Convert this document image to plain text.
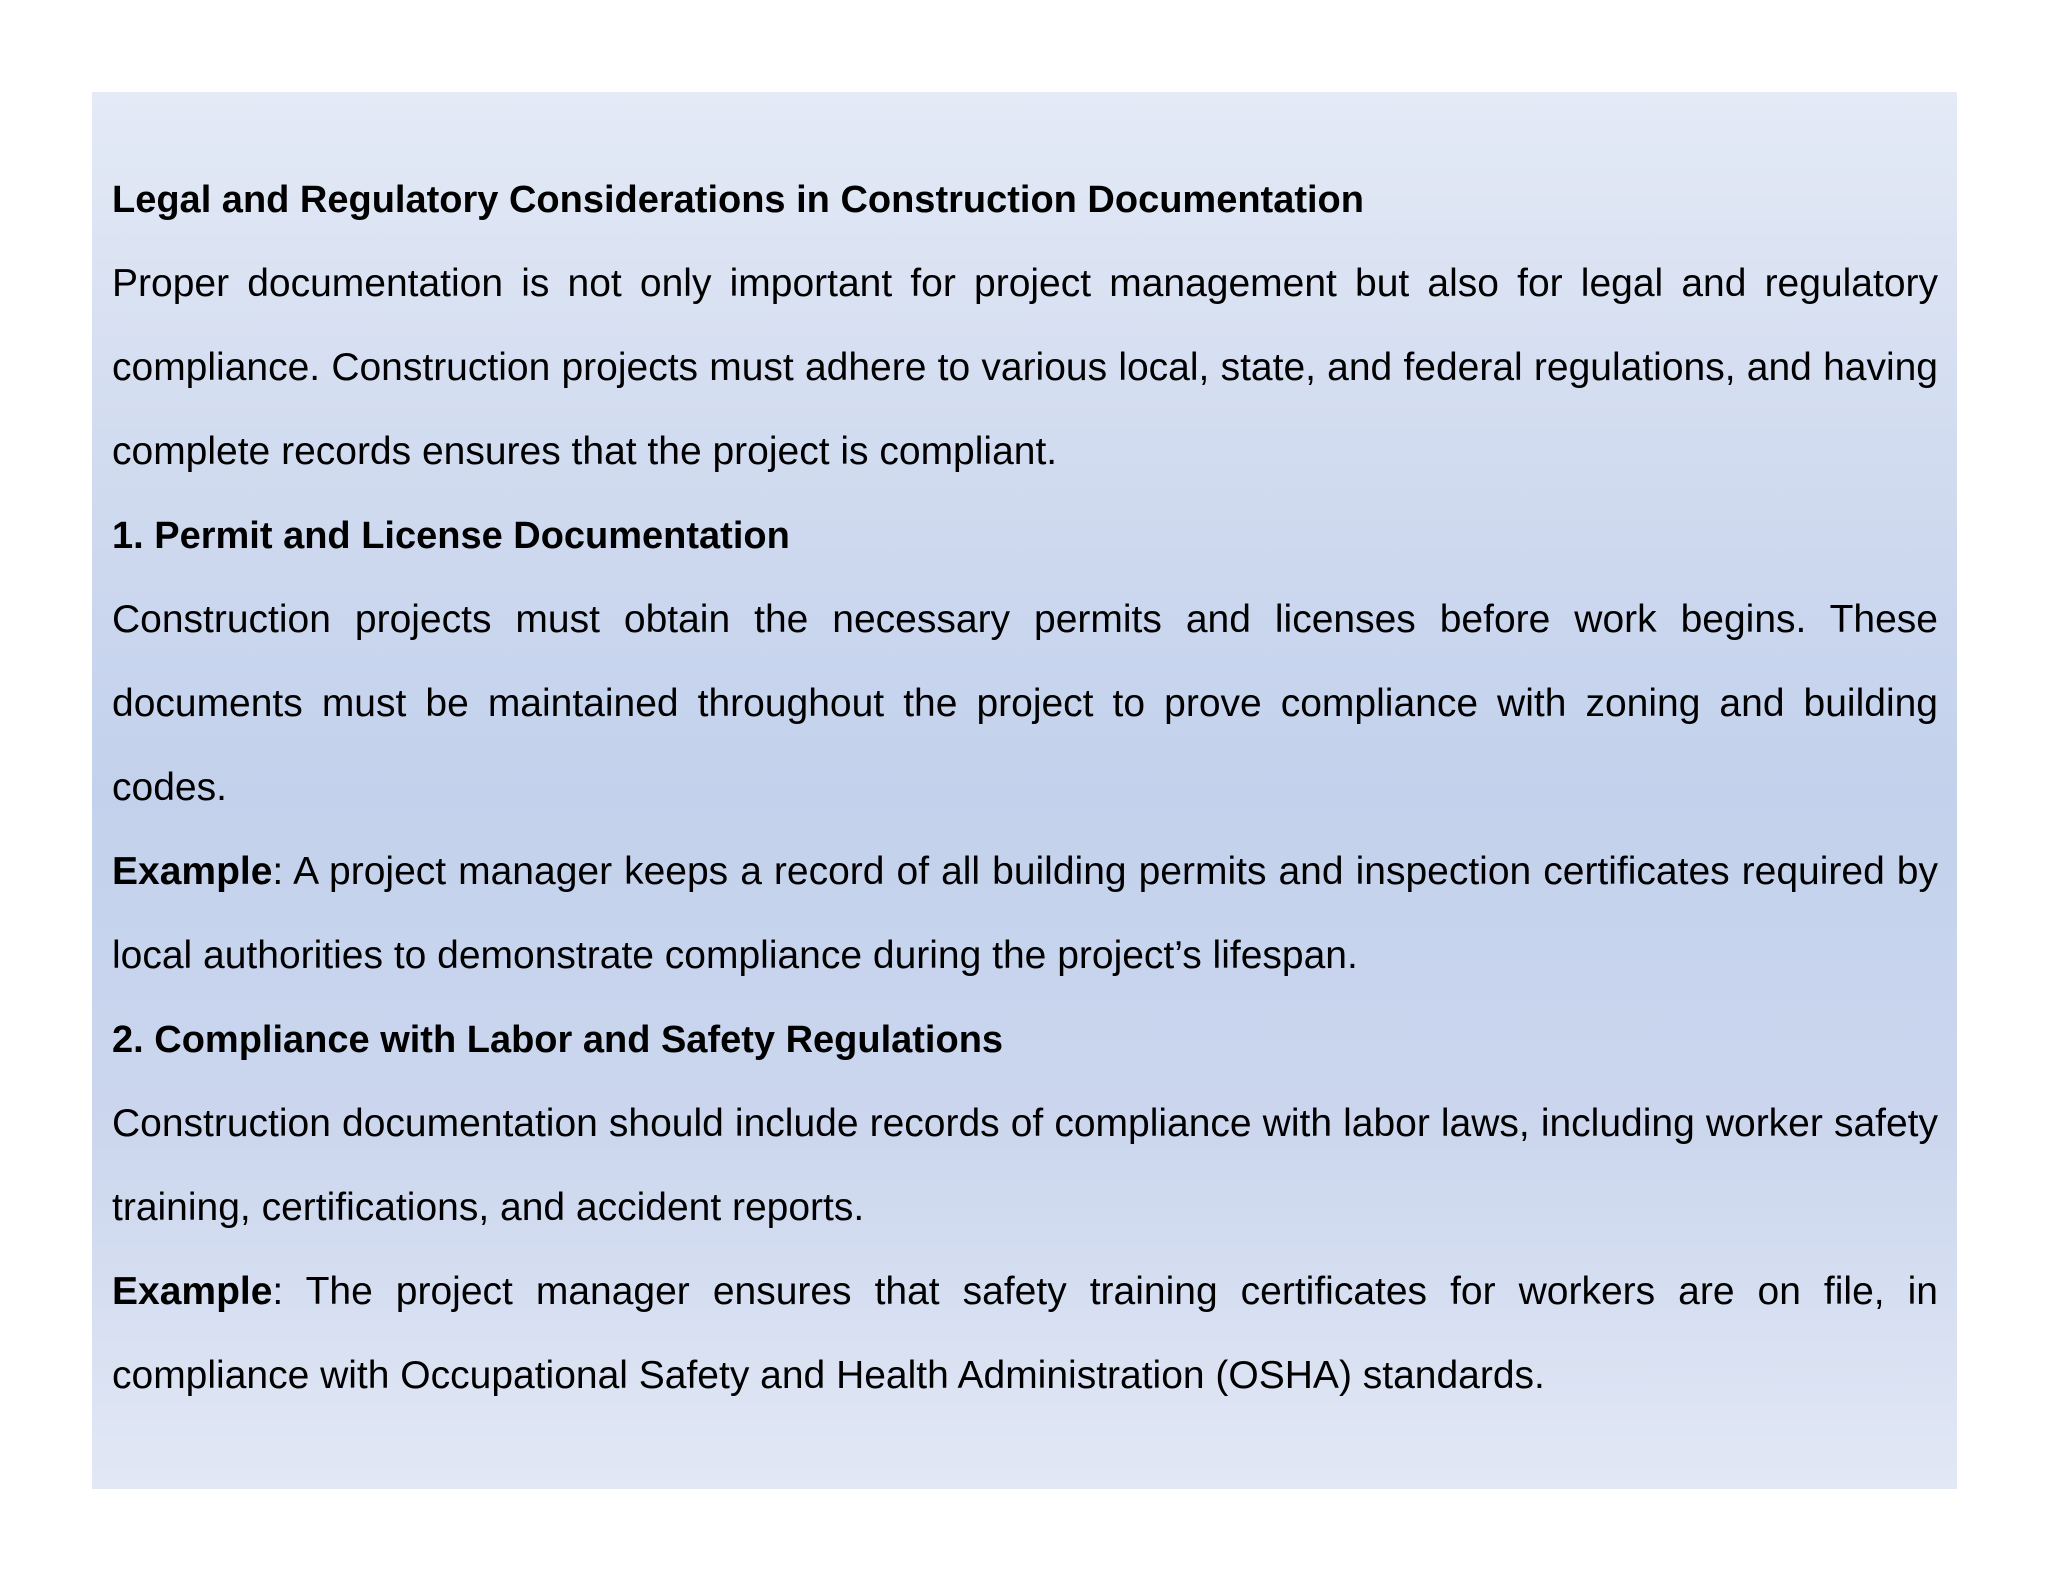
Legal and Regulatory Considerations in Construction Documentation

Proper documentation is not only important for project management but also for legal and regulatory compliance. Construction projects must adhere to various local, state, and federal regulations, and having complete records ensures that the project is compliant.

1. Permit and License Documentation

Construction projects must obtain the necessary permits and licenses before work begins. These documents must be maintained throughout the project to prove compliance with zoning and building codes.

Example: A project manager keeps a record of all building permits and inspection certificates required by local authorities to demonstrate compliance during the project’s lifespan.

2. Compliance with Labor and Safety Regulations

Construction documentation should include records of compliance with labor laws, including worker safety training, certifications, and accident reports.

Example: The project manager ensures that safety training certificates for workers are on file, in compliance with Occupational Safety and Health Administration (OSHA) standards.
